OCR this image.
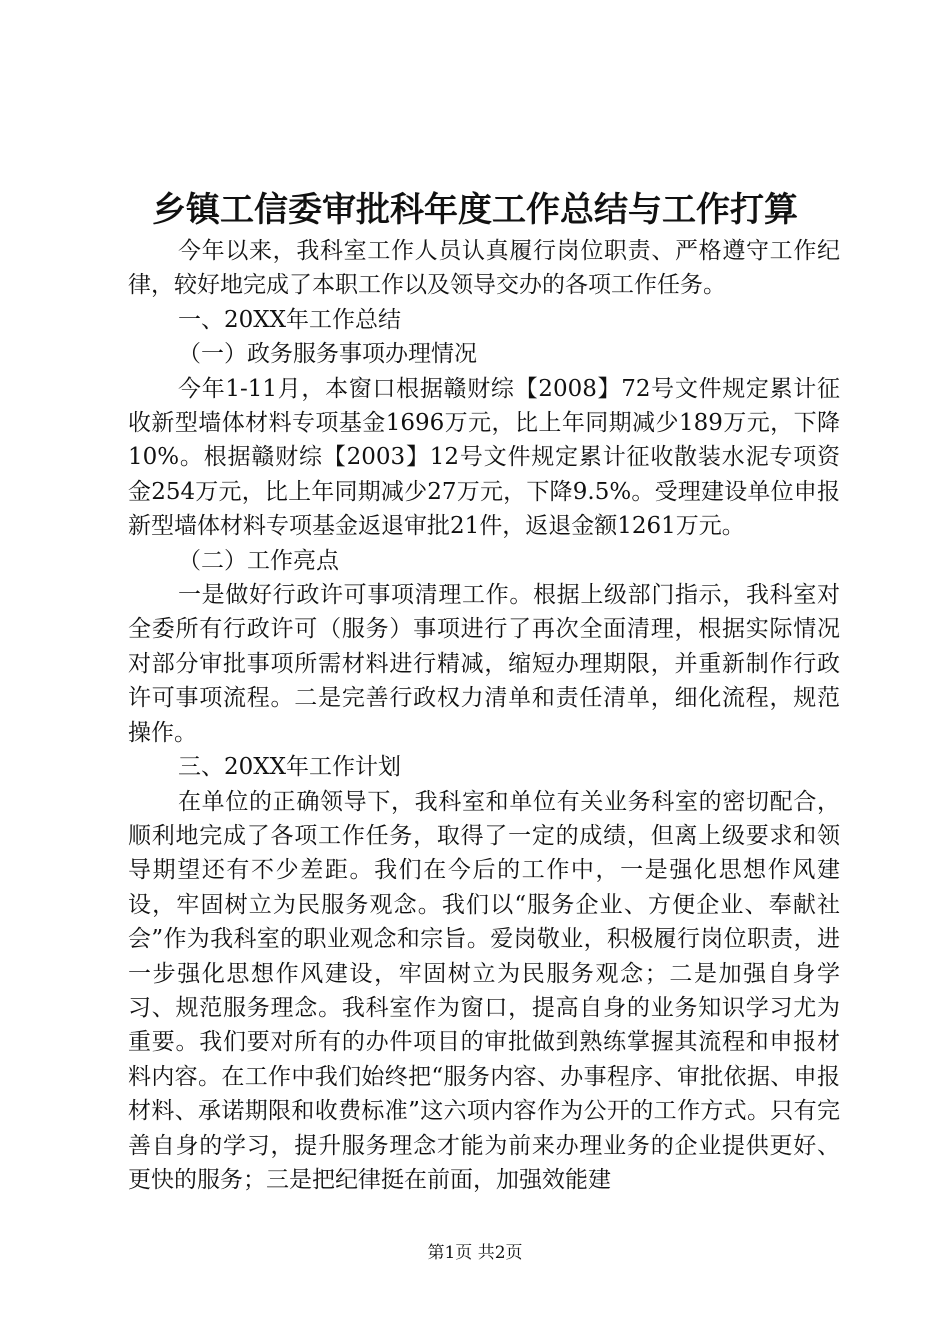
乡镇工信委审批科年度工作总结与工作打算

今年以来，我科室工作人员认真履行岗位职责、严格遵守工作纪律，较好地完成了本职工作以及领导交办的各项工作任务。

一、20XX年工作总结

（一）政务服务事项办理情况

今年1-11月，本窗口根据赣财综【2008】72号文件规定累计征收新型墙体材料专项基金1696万元，比上年同期减少189万元，下降10%。根据赣财综【2003】12号文件规定累计征收散装水泥专项资金254万元，比上年同期减少27万元，下降9.5%。受理建设单位申报新型墙体材料专项基金返退审批21件，返退金额1261万元。

（二）工作亮点

一是做好行政许可事项清理工作。根据上级部门指示，我科室对全委所有行政许可（服务）事项进行了再次全面清理，根据实际情况对部分审批事项所需材料进行精减，缩短办理期限，并重新制作行政许可事项流程。二是完善行政权力清单和责任清单，细化流程，规范操作。

三、20XX年工作计划

在单位的正确领导下，我科室和单位有关业务科室的密切配合，顺利地完成了各项工作任务，取得了一定的成绩，但离上级要求和领导期望还有不少差距。我们在今后的工作中，一是强化思想作风建设，牢固树立为民服务观念。我们以“服务企业、方便企业、奉献社会”作为我科室的职业观念和宗旨。爱岗敬业，积极履行岗位职责，进一步强化思想作风建设，牢固树立为民服务观念；二是加强自身学习、规范服务理念。我科室作为窗口，提高自身的业务知识学习尤为重要。我们要对所有的办件项目的审批做到熟练掌握其流程和申报材料内容。在工作中我们始终把“服务内容、办事程序、审批依据、申报材料、承诺期限和收费标准”这六项内容作为公开的工作方式。只有完善自身的学习，提升服务理念才能为前来办理业务的企业提供更好、更快的服务；三是把纪律挺在前面，加强效能建

第1页 共2页
